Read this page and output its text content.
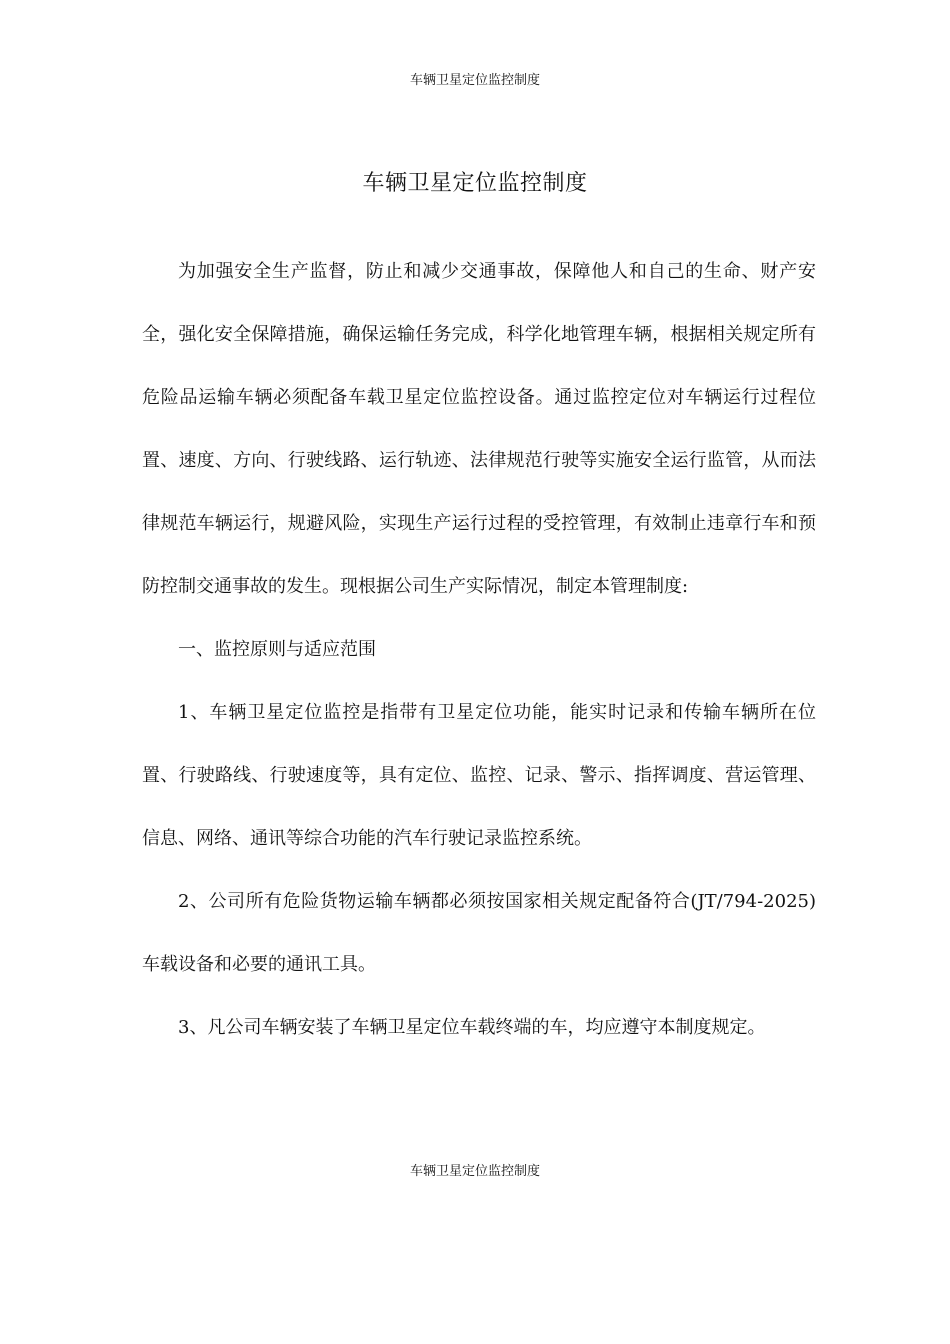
车辆卫星定位监控制度
车辆卫星定位监控制度

为加强安全生产监督，防止和减少交通事故，保障他人和自己的生命、财产安全，强化安全保障措施，确保运输任务完成，科学化地管理车辆，根据相关规定所有危险品运输车辆必须配备车载卫星定位监控设备。通过监控定位对车辆运行过程位置、速度、方向、行驶线路、运行轨迹、法律规范行驶等实施安全运行监管，从而法律规范车辆运行，规避风险，实现生产运行过程的受控管理，有效制止违章行车和预防控制交通事故的发生。现根据公司生产实际情况，制定本管理制度:

一、监控原则与适应范围

1、车辆卫星定位监控是指带有卫星定位功能，能实时记录和传输车辆所在位置、行驶路线、行驶速度等，具有定位、监控、记录、警示、指挥调度、营运管理、信息、网络、通讯等综合功能的汽车行驶记录监控系统。

2、公司所有危险货物运输车辆都必须按国家相关规定配备符合(JT/794-2025)车载设备和必要的通讯工具。

3、凡公司车辆安装了车辆卫星定位车载终端的车，均应遵守本制度规定。

车辆卫星定位监控制度
